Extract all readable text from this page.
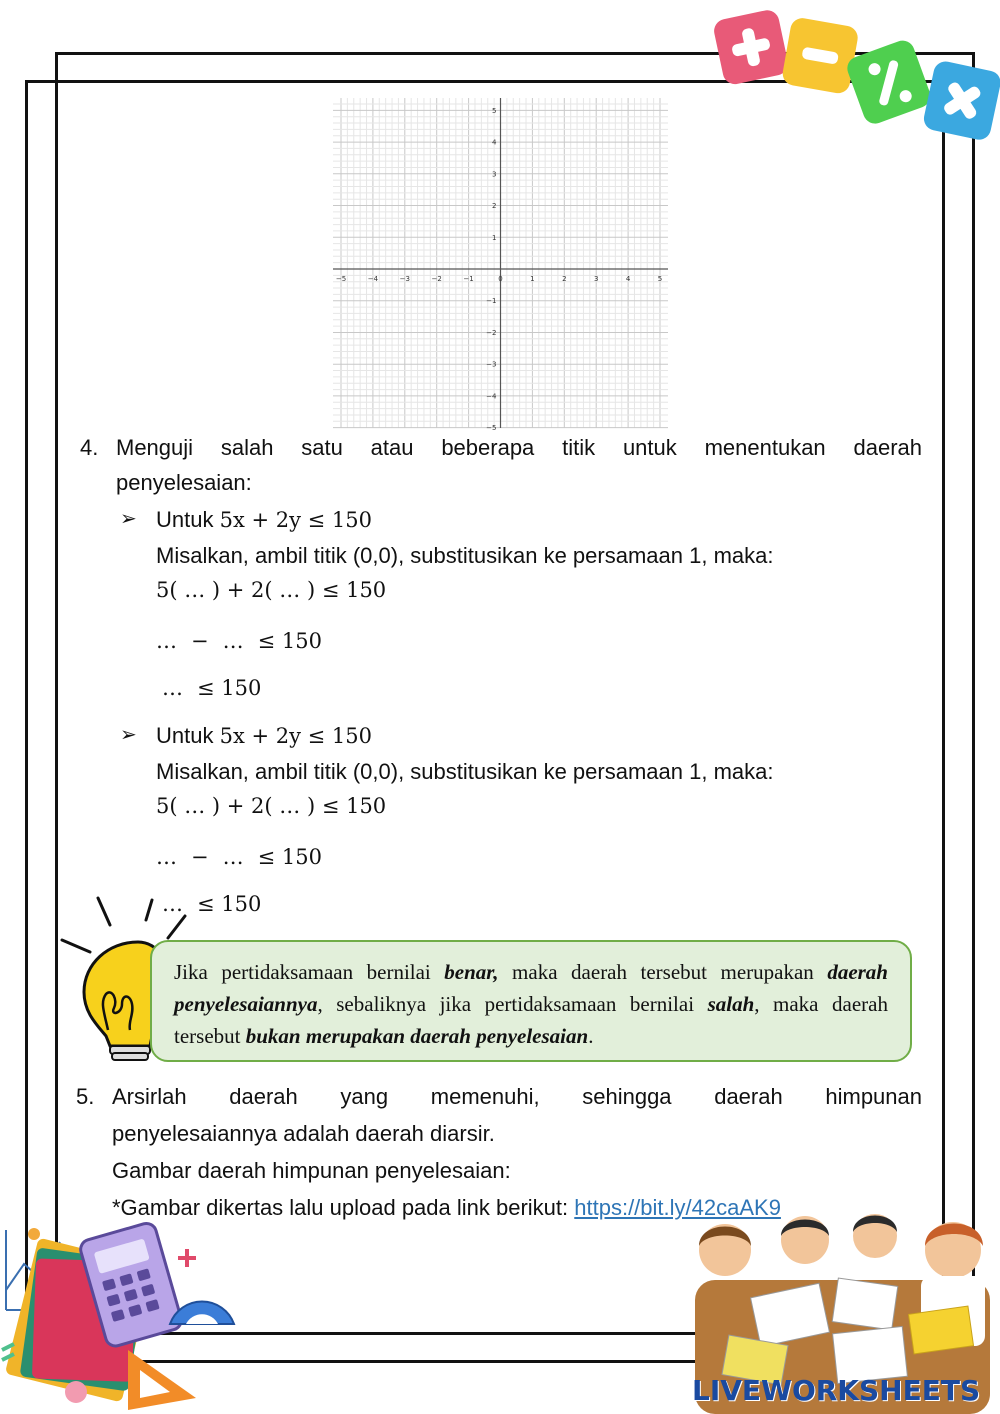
−5	−4	−3	−2	−1	0	1	2	3	4	5
5
4
3
2
1
−1
−2
−3
−4
−5
4. Menguji salah satu atau beberapa titik untuk menentukan daerah
penyelesaian:
➢ Untuk 5x + 2y ≤ 150
Misalkan, ambil titik (0,0), substitusikan ke persamaan 1, maka:
5( … ) + 2( … ) ≤ 150
… − … ≤ 150
… ≤ 150
➢ Untuk 5x + 2y ≤ 150
Misalkan, ambil titik (0,0), substitusikan ke persamaan 1, maka:
5( … ) + 2( … ) ≤ 150
… − … ≤ 150
… ≤ 150
Jika pertidaksamaan bernilai benar, maka daerah tersebut merupakan daerah penyelesaiannya, sebaliknya jika pertidaksamaan bernilai salah, maka daerah tersebut bukan merupakan daerah penyelesaian.
5. Arsirlah daerah yang memenuhi, sehingga daerah himpunan
penyelesaiannya adalah daerah diarsir.
Gambar daerah himpunan penyelesaian:
*Gambar dikertas lalu upload pada link berikut: https://bit.ly/42caAK9
LIVEWORKSHEETS
